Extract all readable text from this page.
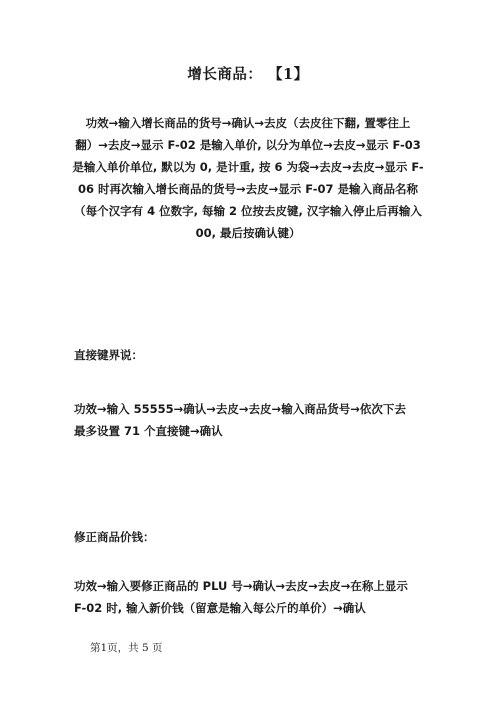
增长商品： 【1】
功效→输入增长商品的货号→确认→去皮（去皮往下翻, 置零往上
翻）→去皮→显示 F-02 是输入单价, 以分为单位→去皮→显示 F-03
是输入单价单位, 默以为 0, 是计重, 按 6 为袋→去皮→去皮→显示 F-
06 时再次输入增长商品的货号→去皮→显示 F-07 是输入商品名称
（每个汉字有 4 位数字, 每输 2 位按去皮键, 汉字输入停止后再输入
00, 最后按确认键）
直接键界说：
功效→输入 55555→确认→去皮→去皮→输入商品货号→依次下去
最多设置 71 个直接键→确认
修正商品价钱：
功效→输入要修正商品的 PLU 号→确认→去皮→去皮→在称上显示
F-02 时, 输入新价钱（留意是输入每公斤的单价）→确认
第1页，共 5 页
